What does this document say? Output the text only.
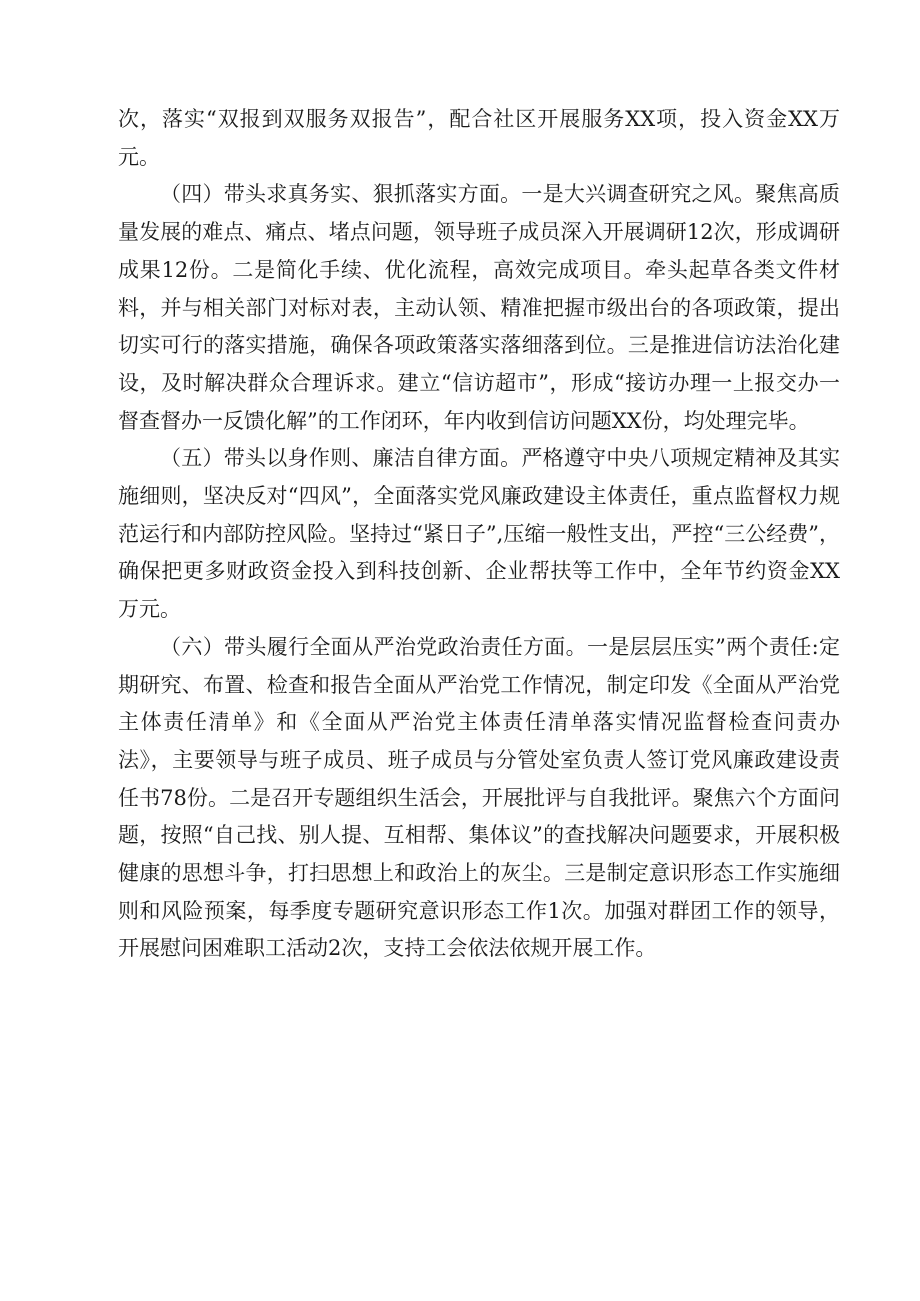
次，落实“双报到双服务双报告”，配合社区开展服务XX项，投入资金XX万元。

（四）带头求真务实、狠抓落实方面。一是大兴调查研究之风。聚焦高质量发展的难点、痛点、堵点问题，领导班子成员深入开展调研12次，形成调研成果12份。二是简化手续、优化流程，高效完成项目。牵头起草各类文件材料，并与相关部门对标对表，主动认领、精准把握市级出台的各项政策，提出切实可行的落实措施，确保各项政策落实落细落到位。三是推进信访法治化建设，及时解决群众合理诉求。建立“信访超市”，形成“接访办理一上报交办一督查督办一反馈化解”的工作闭环，年内收到信访问题XX份，均处理完毕。

（五）带头以身作则、廉洁自律方面。严格遵守中央八项规定精神及其实施细则，坚决反对“四风”，全面落实党风廉政建设主体责任，重点监督权力规范运行和内部防控风险。坚持过“紧日子”,压缩一般性支出，严控“三公经费”，确保把更多财政资金投入到科技创新、企业帮扶等工作中，全年节约资金XX万元。

（六）带头履行全面从严治党政治责任方面。一是层层压实”两个责任:定期研究、布置、检查和报告全面从严治党工作情况，制定印发《全面从严治党主体责任清单》和《全面从严治党主体责任清单落实情况监督检查问责办法》，主要领导与班子成员、班子成员与分管处室负责人签订党风廉政建设责任书78份。二是召开专题组织生活会，开展批评与自我批评。聚焦六个方面问题，按照“自己找、别人提、互相帮、集体议”的查找解决问题要求，开展积极健康的思想斗争，打扫思想上和政治上的灰尘。三是制定意识形态工作实施细则和风险预案，每季度专题研究意识形态工作1次。加强对群团工作的领导，开展慰问困难职工活动2次，支持工会依法依规开展工作。
